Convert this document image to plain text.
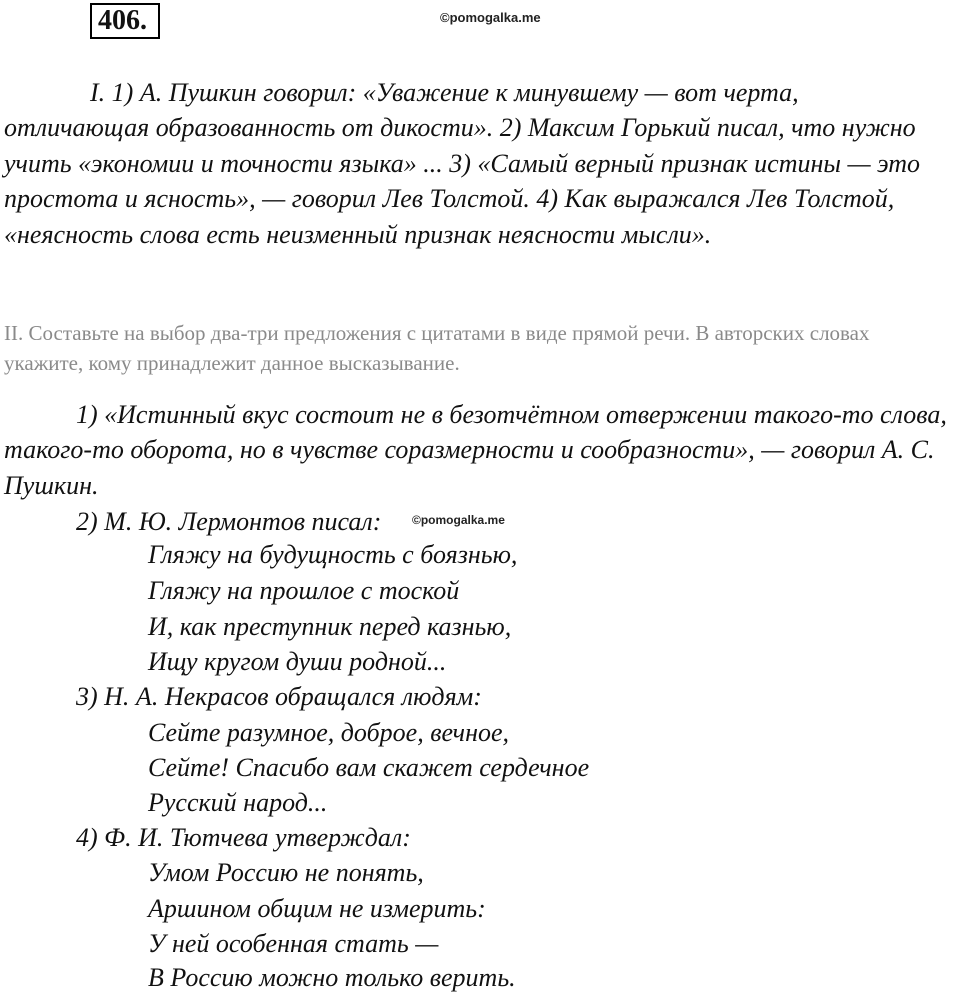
406.	©pomogalka.me
I. 1) А. Пушкин говорил: «Уважение к минувшему — вот черта, отличающая образованность от дикости». 2) Максим Горький писал, что нужно учить «экономии и точности языка» ... 3) «Самый верный признак истины — это простота и ясность», — говорил Лев Толстой. 4) Как выражался Лев Толстой, «неясность слова есть неизменный признак неясности мысли».
II. Составьте на выбор два-три предложения с цитатами в виде прямой речи. В авторских словах укажите, кому принадлежит данное высказывание.
1) «Истинный вкус состоит не в безотчётном отвержении такого-то слова, такого-то оборота, но в чувстве соразмерности и сообразности», — говорил А. С. Пушкин.
2) М. Ю. Лермонтов писал:	©pomogalka.me
Гляжу на будущность с боязнью,
Гляжу на прошлое с тоской
И, как преступник перед казнью,
Ищу кругом души родной...
3) Н. А. Некрасов обращался людям:
Сейте разумное, доброе, вечное,
Сейте! Спасибо вам скажет сердечное
Русский народ...
4) Ф. И. Тютчева утверждал:
Умом Россию не понять,
Аршином общим не измерить:
У ней особенная стать —
В Россию можно только верить.
